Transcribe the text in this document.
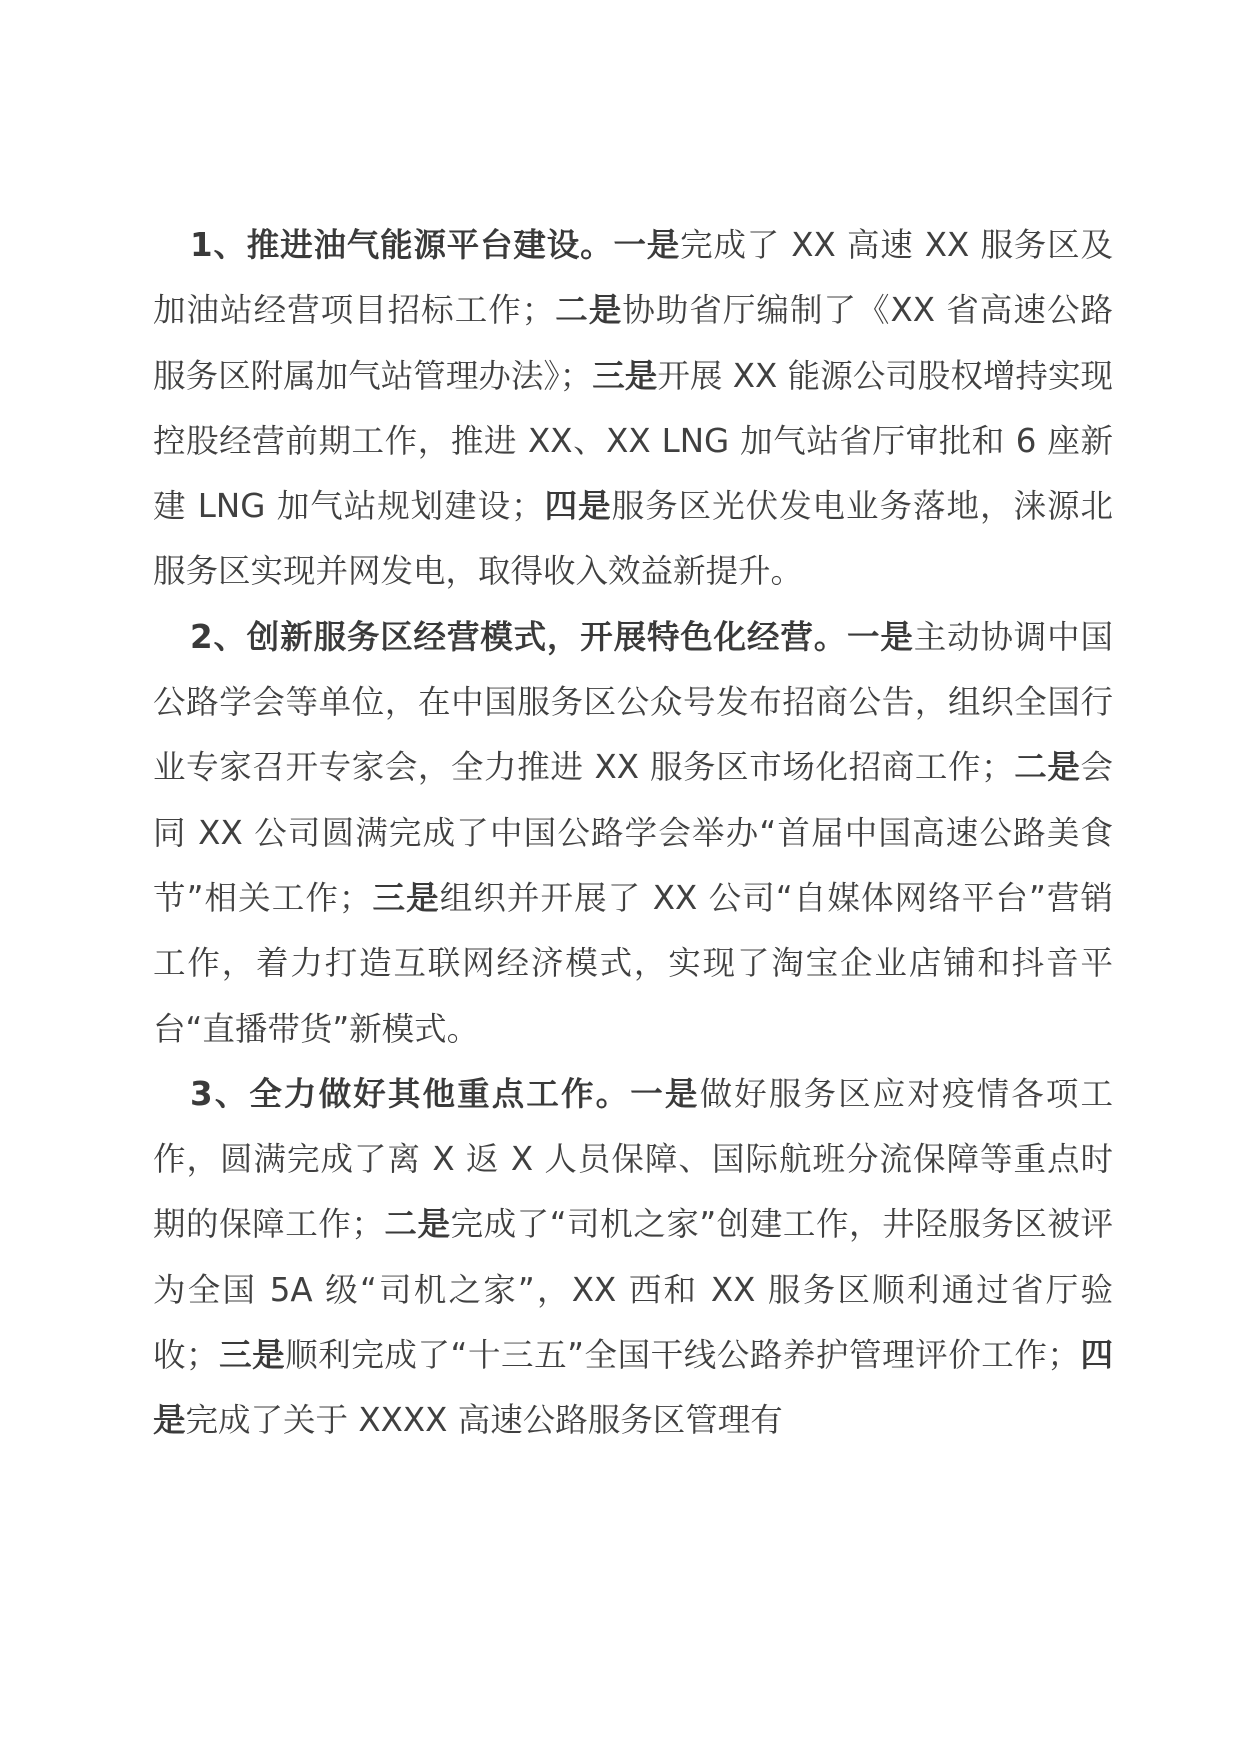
1、推进油气能源平台建设。一是完成了 XX 高速 XX 服务区及加油站经营项目招标工作；二是协助省厅编制了《XX 省高速公路服务区附属加气站管理办法》；三是开展 XX 能源公司股权增持实现控股经营前期工作，推进 XX、XX LNG 加气站省厅审批和 6 座新建 LNG 加气站规划建设；四是服务区光伏发电业务落地，涞源北服务区实现并网发电，取得收入效益新提升。

2、创新服务区经营模式，开展特色化经营。一是主动协调中国公路学会等单位，在中国服务区公众号发布招商公告，组织全国行业专家召开专家会，全力推进 XX 服务区市场化招商工作；二是会同 XX 公司圆满完成了中国公路学会举办“首届中国高速公路美食节”相关工作；三是组织并开展了 XX 公司“自媒体网络平台”营销工作，着力打造互联网经济模式，实现了淘宝企业店铺和抖音平台“直播带货”新模式。

3、全力做好其他重点工作。一是做好服务区应对疫情各项工作，圆满完成了离 X 返 X 人员保障、国际航班分流保障等重点时期的保障工作；二是完成了“司机之家”创建工作，井陉服务区被评为全国 5A 级“司机之家”，XX 西和 XX 服务区顺利通过省厅验收；三是顺利完成了“十三五”全国干线公路养护管理评价工作；四是完成了关于 XXXX 高速公路服务区管理有
